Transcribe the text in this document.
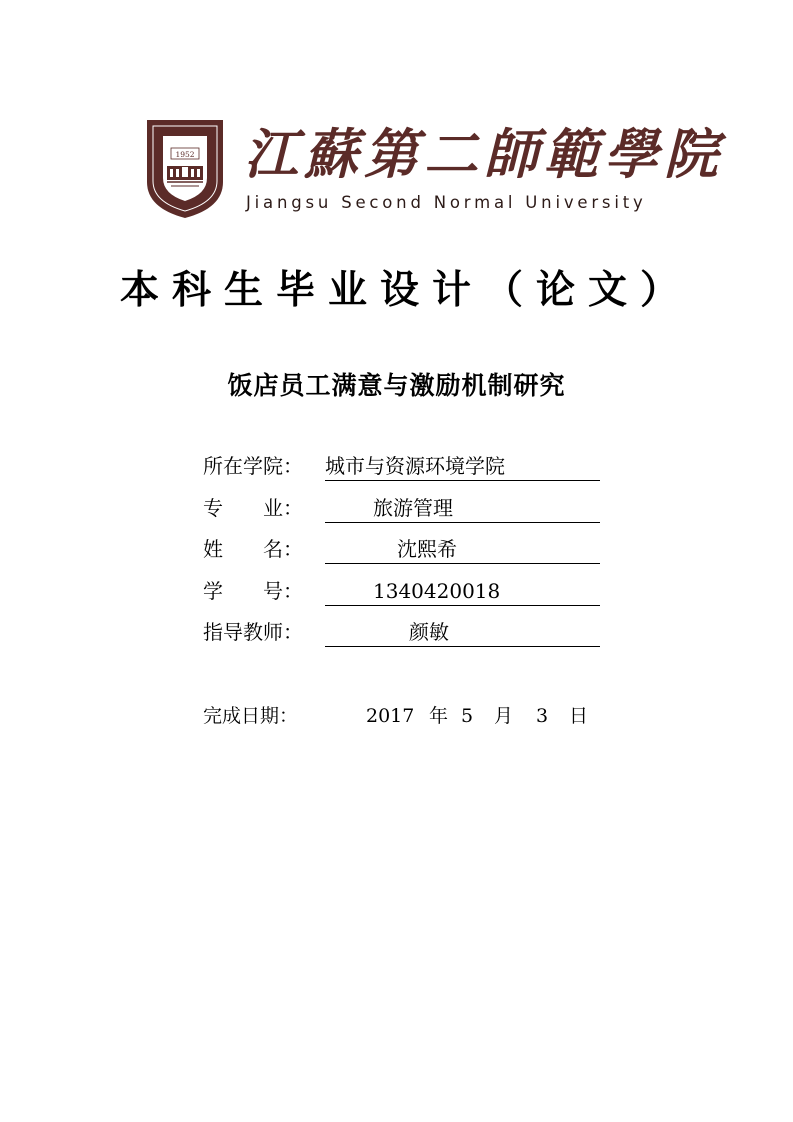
1952 江蘇第二師範學院
Jiangsu Second Normal University
本科生毕业设计（论文）
饭店员工满意与激励机制研究
所在学院：	城市与资源环境学院
专　　业：	旅游管理
姓　　名：	沈熙希
学　　号：	1340420018
指导教师：	颜敏
完成日期：	2017 年 5 月 3 日
